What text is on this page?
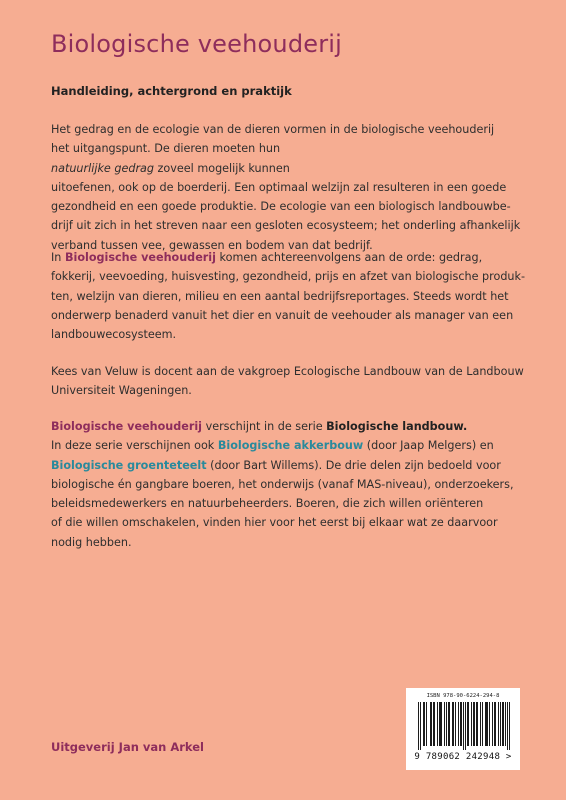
Biologische veehouderij
Handleiding, achtergrond en praktijk
Het gedrag en de ecologie van de dieren vormen in de biologische veehouderij
het uitgangspunt. De dieren moeten hun
natuurlijke gedrag zoveel mogelijk kunnen
uitoefenen, ook op de boerderij. Een optimaal welzijn zal resulteren in een goede
gezondheid en een goede produktie. De ecologie van een biologisch landbouwbe-
drijf uit zich in het streven naar een gesloten ecosysteem; het onderling afhankelijk
verband tussen vee, gewassen en bodem van dat bedrijf.
In Biologische veehouderij komen achtereenvolgens aan de orde: gedrag,
fokkerij, veevoeding, huisvesting, gezondheid, prijs en afzet van biologische produk-
ten, welzijn van dieren, milieu en een aantal bedrijfsreportages. Steeds wordt het
onderwerp benaderd vanuit het dier en vanuit de veehouder als manager van een
landbouwecosysteem.
Kees van Veluw is docent aan de vakgroep Ecologische Landbouw van de Landbouw
Universiteit Wageningen.
Biologische veehouderij verschijnt in de serie Biologische landbouw.
In deze serie verschijnen ook Biologische akkerbouw (door Jaap Melgers) en
Biologische groenteteelt (door Bart Willems). De drie delen zijn bedoeld voor
biologische én gangbare boeren, het onderwijs (vanaf MAS-niveau), onderzoekers,
beleidsmedewerkers en natuurbeheerders. Boeren, die zich willen oriënteren
of die willen omschakelen, vinden hier voor het eerst bij elkaar wat ze daarvoor
nodig hebben.
Uitgeverij Jan van Arkel
ISBN 978-90-6224-294-8
9 789062 242948 >
